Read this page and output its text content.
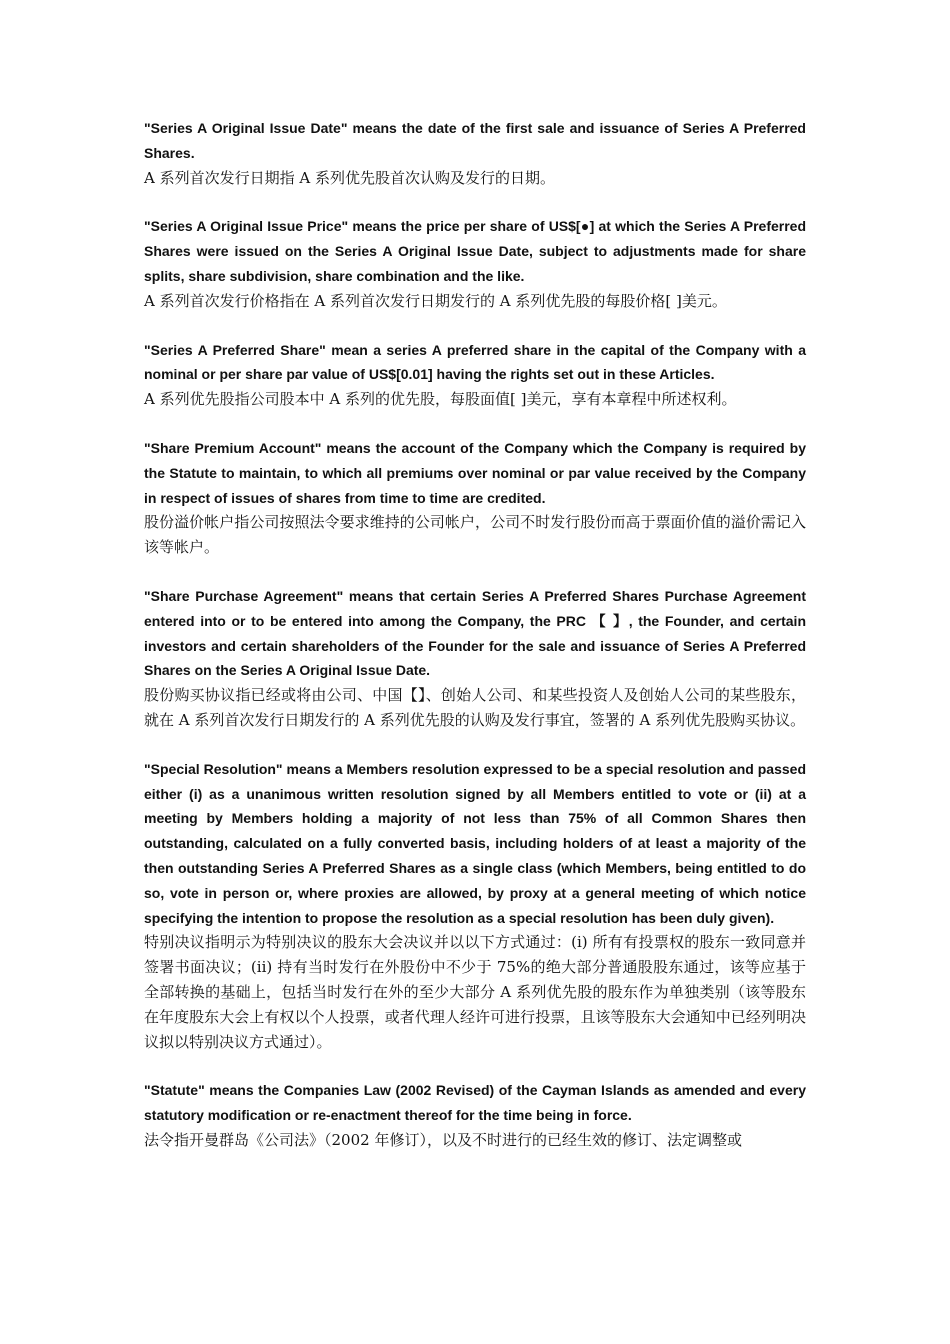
"Series A Original Issue Date" means the date of the first sale and issuance of Series A Preferred Shares.

A 系列首次发行日期指 A 系列优先股首次认购及发行的日期。

"Series A Original Issue Price" means the price per share of US$[●] at which the Series A Preferred Shares were issued on the Series A Original Issue Date, subject to adjustments made for share splits, share subdivision, share combination and the like.

A 系列首次发行价格指在 A 系列首次发行日期发行的 A 系列优先股的每股价格[ ]美元。

"Series A Preferred Share" mean a series A preferred share in the capital of the Company with a nominal or per share par value of US$[0.01] having the rights set out in these Articles.

A 系列优先股指公司股本中 A 系列的优先股，每股面值[ ]美元，享有本章程中所述权利。

"Share Premium Account" means the account of the Company which the Company is required by the Statute to maintain, to which all premiums over nominal or par value received by the Company in respect of issues of shares from time to time are credited.

股份溢价帐户指公司按照法令要求维持的公司帐户，公司不时发行股份而高于票面价值的溢价需记入该等帐户。

"Share Purchase Agreement" means that certain Series A Preferred Shares Purchase Agreement entered into or to be entered into among the Company, the PRC 【 】, the Founder, and certain investors and certain shareholders of the Founder for the sale and issuance of Series A Preferred Shares on the Series A Original Issue Date.

股份购买协议指已经或将由公司、中国【】、创始人公司、和某些投资人及创始人公司的某些股东，就在 A 系列首次发行日期发行的 A 系列优先股的认购及发行事宜，签署的 A 系列优先股购买协议。

"Special Resolution" means a Members resolution expressed to be a special resolution and passed either (i) as a unanimous written resolution signed by all Members entitled to vote or (ii) at a meeting by Members holding a majority of not less than 75% of all Common Shares then outstanding, calculated on a fully converted basis, including holders of at least a majority of the then outstanding Series A Preferred Shares as a single class (which Members, being entitled to do so, vote in person or, where proxies are allowed, by proxy at a general meeting of which notice specifying the intention to propose the resolution as a special resolution has been duly given).

特别决议指明示为特别决议的股东大会决议并以以下方式通过：(i) 所有有投票权的股东一致同意并签署书面决议；(ii) 持有当时发行在外股份中不少于 75%的绝大部分普通股股东通过，该等应基于全部转换的基础上，包括当时发行在外的至少大部分 A 系列优先股的股东作为单独类别（该等股东在年度股东大会上有权以个人投票，或者代理人经许可进行投票，且该等股东大会通知中已经列明决议拟以特别决议方式通过）。

"Statute" means the Companies Law (2002 Revised) of the Cayman Islands as amended and every statutory modification or re-enactment thereof for the time being in force.

法令指开曼群岛《公司法》（2002 年修订），以及不时进行的已经生效的修订、法定调整或
